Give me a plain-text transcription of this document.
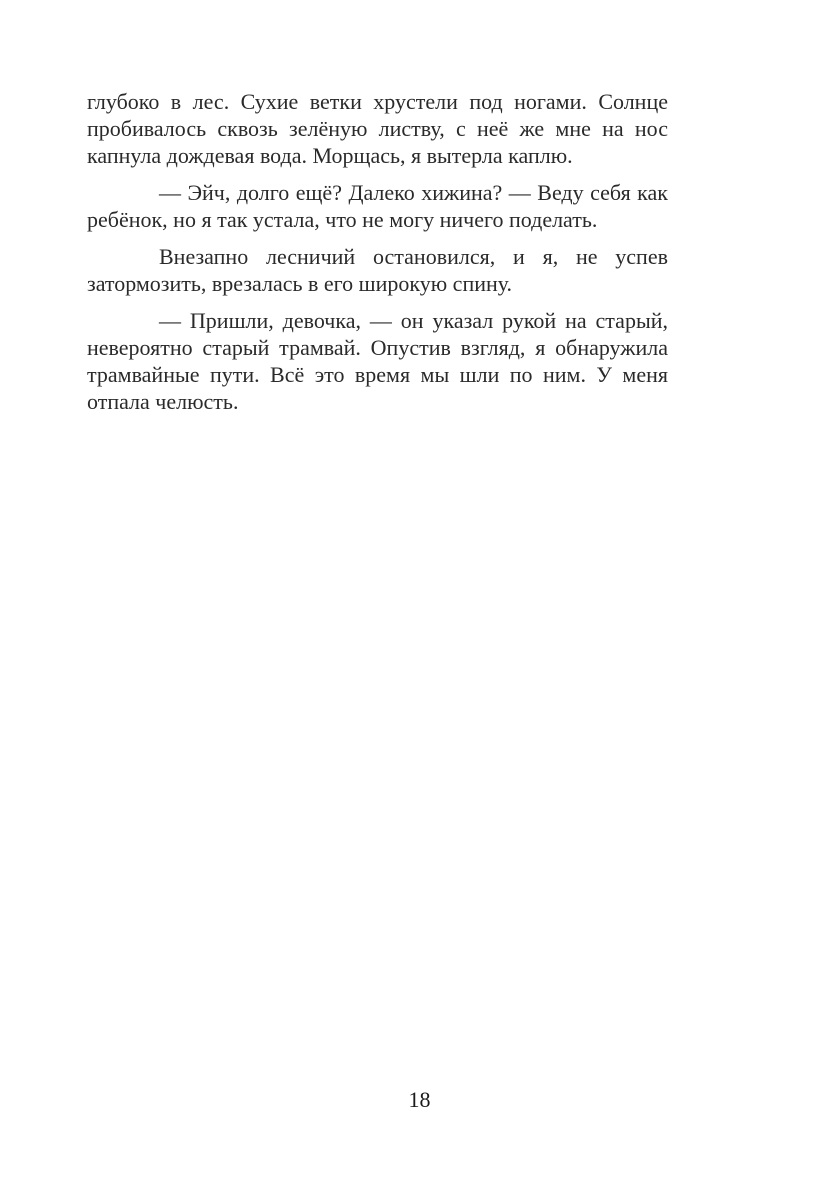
глубоко в лес. Сухие ветки хрустели под ногами. Солнце пробивалось сквозь зелёную листву, с неё же мне на нос капнула дождевая вода. Морщась, я вытерла каплю.

— Эйч, долго ещё? Далеко хижина? — Веду себя как ребёнок, но я так устала, что не могу ничего поделать.

Внезапно лесничий остановился, и я, не успев затормозить, врезалась в его широкую спину.

— Пришли, девочка, — он указал рукой на старый, невероятно старый трамвай. Опустив взгляд, я обнаружила трамвайные пути. Всё это время мы шли по ним. У меня отпала челюсть.

18
